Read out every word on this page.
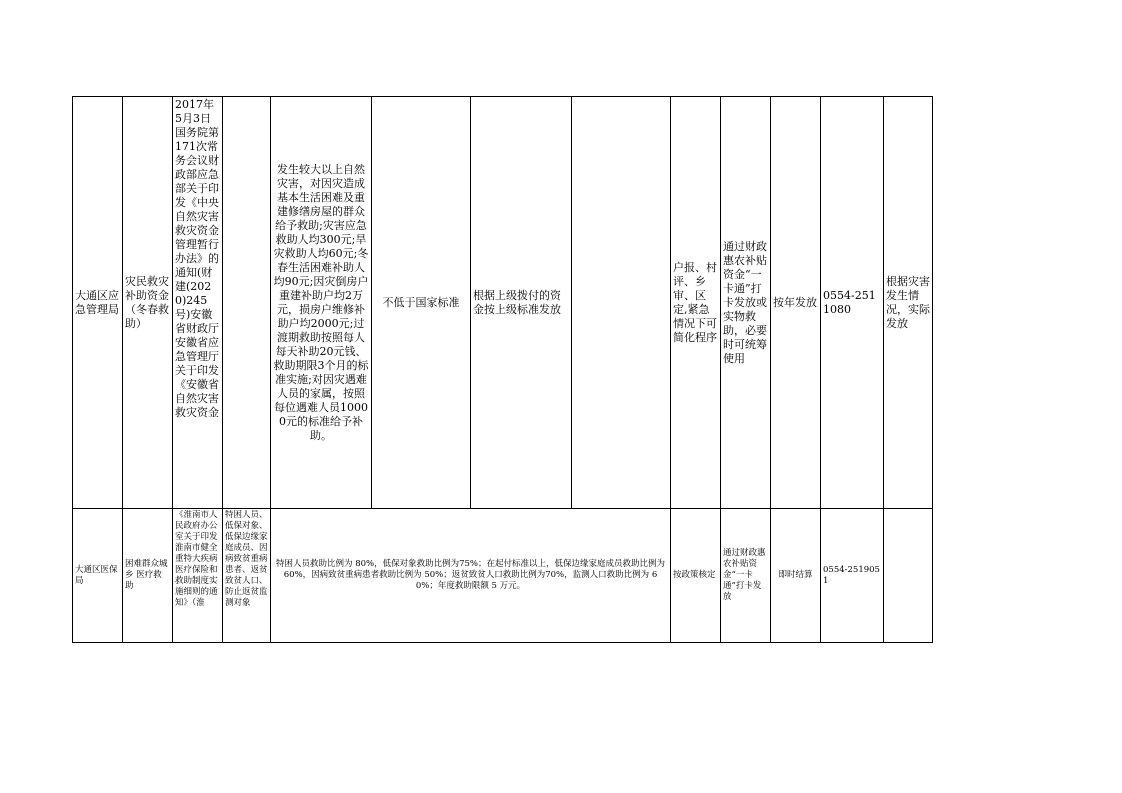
大通区应急管理局	灾民救灾补助资金（冬春救助）	2017年5月3日国务院第171次常务会议财政部应急部关于印发《中央自然灾害救灾资金管理暂行办法》的通知(财建(2020)245号)安徽省财政厅安徽省应急管理厅关于印发《安徽省自然灾害救灾资金		发生较大以上自然灾害，对因灾造成基本生活困难及重建修缮房屋的群众给予救助;灾害应急救助人均300元;旱灾救助人均60元;冬春生活困难补助人均90元;因灾倒房户重建补助户均2万元，损房户维修补助户均2000元;过渡期救助按照每人每天补助20元钱、救助期限3个月的标准实施;对因灾遇难人员的家属，按照每位遇难人员10000元的标准给予补助。	不低于国家标准	根据上级拨付的资金按上级标准发放		户报、村评、乡审、区定,紧急情况下可简化程序	通过财政惠农补贴资金“一卡通”打卡发放或实物救助，必要时可统筹使用	按年发放	0554-2511080	根据灾害发生情况，实际发放
大通区医保局	困难群众城乡 医疗救助	《淮南市人民政府办公室关于印发淮南市健全重特大疾病医疗保险和救助制度实施细则的通知》（淮	特困人员、低保对象、低保边缘家庭成员、因病致贫重病患者、返贫致贫人口、防止返贫监测对象	特困人员救助比例为 80%，低保对象救助比例为75%；在起付标准以上，低保边缘家庭成员救助比例为 60%，因病致贫重病患者救助比例为 50%；返贫致贫人口救助比例为70%，监测人口救助比例为 60%；年度救助限额 5 万元。				按政策核定	通过财政惠农补贴资金“一卡通”打卡发放	即时结算	0554-2519051	
